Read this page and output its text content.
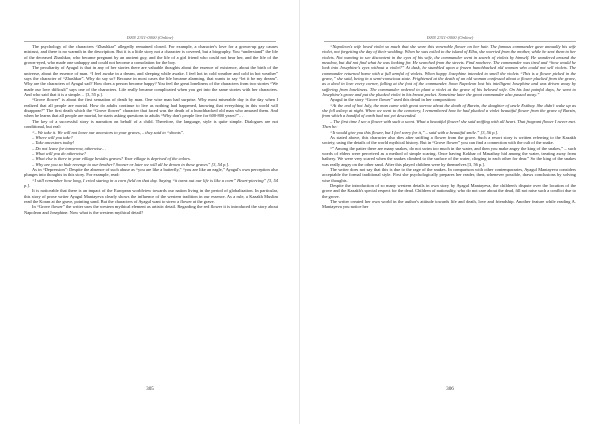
ISSN 2311-0000 (Online)

The psychology of the characters “Zhashkar” allegedly remained closed. For example, a character's love for a grown-up gay causes mistrust, and there is no warmth in the description. But it is a little story not a character is covered, but a biography. You “understand” the life of the deceased Zhashkar, who became pregnant by an ancient guy, and the life of a girl friend who could not bear her, and the life of the grown-eyed, who made one unhappy and could not become a consolation for the boy.

The peculiarity of Ayagul is that in any of her stories there are valuable thoughts about the essence of existence, about the birth of the universe, about the essence of man. “I feel awake in a dream, and sleeping while awake. I feel hot in cold weather and cold in hot weather” says the character of “Zhashkar”. Why do say so? Because in most cases the life became alarming, that wants to say “let it be my dream”. Why are the characters of Ayagul sad? How does a person become happy? You feel the great loneliness of the characters from two stories “We made our love difficult” says one of the characters. Life really became complicated when you get into the same stories with her characters. And who said that it is a simple… [3, 55 p.].

“Grove flower” is about the first sensation of death by man. One wise man had surprise. Why most miserable day is the day when I realized that all people are mortal. How do adults continue to live as nothing had happened, knowing that everything in this world will disappear?” The first death which the “Grove flower” character that faced was the death of a hunchbacked old man who amused them. And when he learns that all people are mortal, he starts asking questions to adults “Why don't people live for 600-800 years?”…

The key of a successful story is narration on behalf of a child. Therefore, the language, style is quite simple. Dialogues are not conditional, but real:

“– We take it. We will not leave our ancestors to your graves, – they said to “shoots”.

– Where will you take?

– Take ancestors today!

– Do not leave for tomorrow, otherwise…

– What will you do otherwise?

– What else is there in your village besides graves? Your village is deprived of the colors.

– Why are you so hide revenge to our brother? Sooner or later we will all be drown in these graves” [3, 54 p.].

As in “Depression”: Despite the absence of such abuse as “you are like a butterfly,” “you are like an eagle,” Ayagul's own perception also plunges into thoughts in this story. For example, read:

“I still remember how long, I cried staring in a corn field on that day. Saying “it turns out our life is like a corn” Heart-piercing” [3, 54 p.].

It is noticeable that there is an impact of the European worldview towards our nation living in the period of globalization. In particular, this story of prose writer Ayagul Mantayeva clearly shows the influence of the western tradition in our essence. As a rule, a Kazakh Muslim read the Koran at the grave, pointing sand. But the characters of Ayagul want to strew a flower at the grave.

In “Grove flower” the writer uses the western mythical element as artistic detail. Regarding the red flower it is introduced the story about Napoleon and Josephine. Now what is the western mythical detail?

305
ISSN 2311-0000 (Online)

“Napoleon's wife loved violet so much that she wore this venerable flower on her hair. The famous commander gave annually his wife violet, not forgetting the day of their wedding. When he was exiled to the island of Elba, she worried from the mother, while he sent them to her violets. Not wanting to see discontent in the eyes of his wife, the commander went in search of violets by himself. He wandered around the meadow, but did not find what he was looking for. He searched from the streets. Find nowhere. The commander was tired and “how would he look into Josephine's eyes without a violet?” At dusk, he stumbled upon a frozen hunchbacked old woman who could not sell violets. The commander returned home with a full armful of violets. When happy Josephine intended to smell the violets “This is a flower picked in the grave,” she said, being in a semi-conscious state. Frightened at the death of an old woman confessed about a flower plucked from the grave, as a deed in love every corner, falling at the foot of the commander. Soon Napoleon lost his intelligent Josephine and was driven away by suffering from loneliness. The commander ordered to plant a violet at the grave of his beloved wife. On his last painful days, he went to Josephine's grave and put the plucked violet in his breast pocket. Sometime later the great commander also passed away.”

Ayagul in the story “Grove flower” used this detail in her composition:

“At the end of hot July, the man came with great sorrow about the death of Burzin, the daughter of uncle Estibay. She didn't wake up as she fell asleep at night. When we went to the cemetery, I remembered how he had plucked a violet beautiful flower from the grave of Burzin, from which a handful of earth had not yet descended.

– The first time I see a flower with such a scent. What a beautiful flower! she said sniffing with all heart. That fragrant flower I never met. Then he:

“It would give you this flower, but I feel sorry for it,” – said with a beautiful smile.” [3, 56 p.].

As stated above, this character also dies after sniffing a flower from the grave. Such a resort story is written referring to the Kazakh society, using the details of the world mythical history. But in “Grove flower” you can find a connection with the cult of the snake.

“” Among the patter there are many snakes, do not swim too much in the water, and then you make angry the king of the snakes,” – such words of elders were perceived as a method of simple scaring. Once having Kokbar of Masatbay hid among the water, treating away from bathery. We were very scared when the snakes climbed to the surface of the water, clinging to each other for dear.” So the king of the snakes was really angry on the other sand. After this played children were by themselves [3, 56 p.].

The writer does not say that this is due to the rage of the snakes. In comparison with other contemporaries, Ayagul Mantayeva considers acceptable the formal traditional style. First she psychologically prepares her reader, then, whenever possible, draws conclusions by solving wise thoughts.

Despite the introduction of so many western details in own story by Ayagul Mantayeva, the children's dispute over the location of the grove and the Kazakh's special respect for the dead. Children of nationality, who do not care about the dead, fill not raise such a conflict due to the grove.

The writer created her own world in the author's attitude towards life and death, love and friendship. Another feature while reading A. Mantayeva you notice her

306
